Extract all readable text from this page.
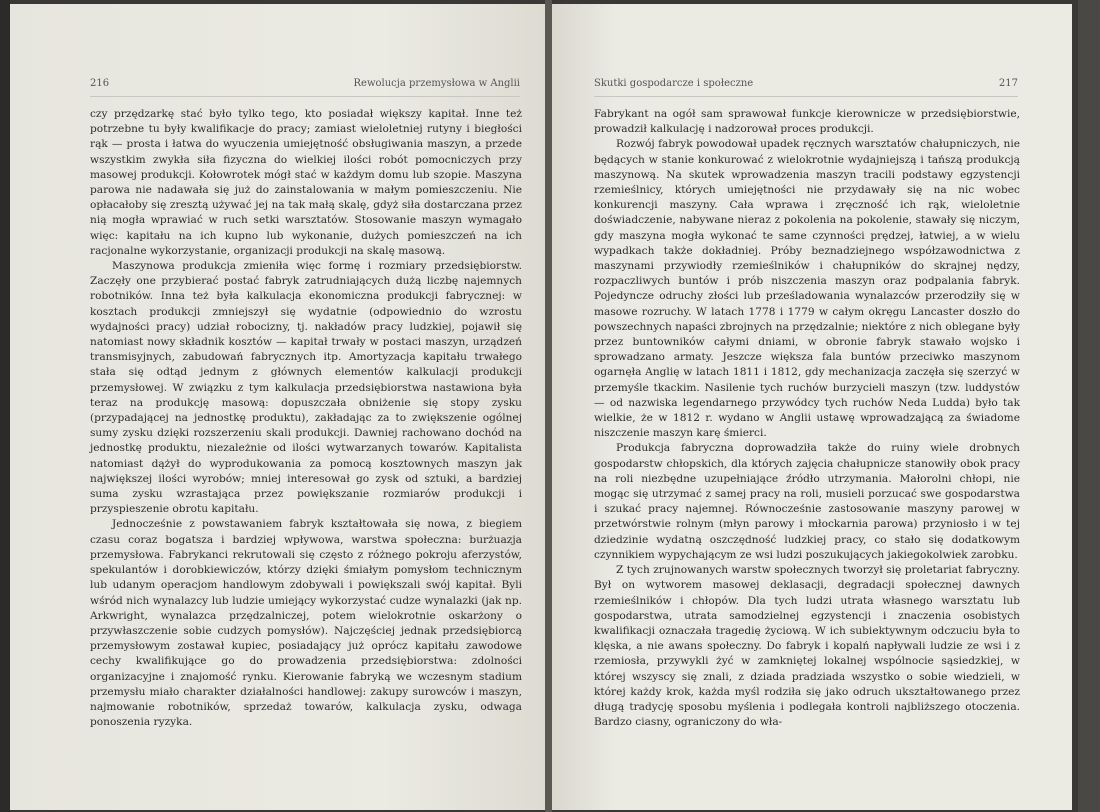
216	Rewolucja przemysłowa w Anglii

czy przędzarkę stać było tylko tego, kto posiadał większy kapitał. Inne też potrzebne tu były kwalifikacje do pracy; zamiast wieloletniej rutyny i biegłości rąk — prosta i łatwa do wyuczenia umiejętność obsługiwania maszyn, a przede wszystkim zwykła siła fizyczna do wielkiej ilości robót pomocniczych przy masowej produkcji. Kołowrotek mógł stać w każdym domu lub szopie. Maszyna parowa nie nadawała się już do zainstalowania w małym pomieszczeniu. Nie opłacałoby się zresztą używać jej na tak małą skalę, gdyż siła dostarczana przez nią mogła wprawiać w ruch setki warsztatów. Stosowanie maszyn wymagało więc: kapitału na ich kupno lub wykonanie, dużych pomieszczeń na ich racjonalne wykorzystanie, organizacji produkcji na skalę masową.

Maszynowa produkcja zmieniła więc formę i rozmiary przedsiębiorstw. Zaczęły one przybierać postać fabryk zatrudniających dużą liczbę najemnych robotników. Inna też była kalkulacja ekonomiczna produkcji fabrycznej: w kosztach produkcji zmniejszył się wydatnie (odpowiednio do wzrostu wydajności pracy) udział robocizny, tj. nakładów pracy ludzkiej, pojawił się natomiast nowy składnik kosztów — kapitał trwały w postaci maszyn, urządzeń transmisyjnych, zabudowań fabrycznych itp. Amortyzacja kapitału trwałego stała się odtąd jednym z głównych elementów kalkulacji produkcji przemysłowej. W związku z tym kalkulacja przedsiębiorstwa nastawiona była teraz na produkcję masową: dopuszczała obniżenie się stopy zysku (przypadającej na jednostkę produktu), zakładając za to zwiększenie ogólnej sumy zysku dzięki rozszerzeniu skali produkcji. Dawniej rachowano dochód na jednostkę produktu, niezależnie od ilości wytwarzanych towarów. Kapitalista natomiast dążył do wyprodukowania za pomocą kosztownych maszyn jak największej ilości wyrobów; mniej interesował go zysk od sztuki, a bardziej suma zysku wzrastająca przez powiększanie rozmiarów produkcji i przyspieszenie obrotu kapitału.

Jednocześnie z powstawaniem fabryk kształtowała się nowa, z biegiem czasu coraz bogatsza i bardziej wpływowa, warstwa społeczna: burżuazja przemysłowa. Fabrykanci rekrutowali się często z różnego pokroju aferzystów, spekulantów i dorobkiewiczów, którzy dzięki śmiałym pomysłom technicznym lub udanym operacjom handlowym zdobywali i powiększali swój kapitał. Byli wśród nich wynalazcy lub ludzie umiejący wykorzystać cudze wynalazki (jak np. Arkwright, wynalazca przędzalniczej, potem wielokrotnie oskarżony o przywłaszczenie sobie cudzych pomysłów). Najczęściej jednak przedsiębiorcą przemysłowym zostawał kupiec, posiadający już oprócz kapitału zawodowe cechy kwalifikujące go do prowadzenia przedsiębiorstwa: zdolności organizacyjne i znajomość rynku. Kierowanie fabryką we wczesnym stadium przemysłu miało charakter działalności handlowej: zakupy surowców i maszyn, najmowanie robotników, sprzedaż towarów, kalkulacja zysku, odwaga ponoszenia ryzyka.

Skutki gospodarcze i społeczne	217

Fabrykant na ogół sam sprawował funkcje kierownicze w przedsiębiorstwie, prowadził kalkulację i nadzorował proces produkcji.

Rozwój fabryk powodował upadek ręcznych warsztatów chałupniczych, nie będących w stanie konkurować z wielokrotnie wydajniejszą i tańszą produkcją maszynową. Na skutek wprowadzenia maszyn tracili podstawy egzystencji rzemieślnicy, których umiejętności nie przydawały się na nic wobec konkurencji maszyny. Cała wprawa i zręczność ich rąk, wieloletnie doświadczenie, nabywane nieraz z pokolenia na pokolenie, stawały się niczym, gdy maszyna mogła wykonać te same czynności prędzej, łatwiej, a w wielu wypadkach także dokładniej. Próby beznadziejnego współzawodnictwa z maszynami przywiodły rzemieślników i chałupników do skrajnej nędzy, rozpaczliwych buntów i prób niszczenia maszyn oraz podpalania fabryk. Pojedyncze odruchy złości lub prześladowania wynalazców przerodziły się w masowe rozruchy. W latach 1778 i 1779 w całym okręgu Lancaster doszło do powszechnych napaści zbrojnych na przędzalnie; niektóre z nich oblegane były przez buntowników całymi dniami, w obronie fabryk stawało wojsko i sprowadzano armaty. Jeszcze większa fala buntów przeciwko maszynom ogarnęła Anglię w latach 1811 i 1812, gdy mechanizacja zaczęła się szerzyć w przemyśle tkackim. Nasilenie tych ruchów burzycieli maszyn (tzw. luddystów — od nazwiska legendarnego przywódcy tych ruchów Neda Ludda) było tak wielkie, że w 1812 r. wydano w Anglii ustawę wprowadzającą za świadome niszczenie maszyn karę śmierci.

Produkcja fabryczna doprowadziła także do ruiny wiele drobnych gospodarstw chłopskich, dla których zajęcia chałupnicze stanowiły obok pracy na roli niezbędne uzupełniające źródło utrzymania. Małorolni chłopi, nie mogąc się utrzymać z samej pracy na roli, musieli porzucać swe gospodarstwa i szukać pracy najemnej. Równocześnie zastosowanie maszyny parowej w przetwórstwie rolnym (młyn parowy i młockarnia parowa) przyniosło i w tej dziedzinie wydatną oszczędność ludzkiej pracy, co stało się dodatkowym czynnikiem wypychającym ze wsi ludzi poszukujących jakiegokolwiek zarobku.

Z tych zrujnowanych warstw społecznych tworzył się proletariat fabryczny. Był on wytworem masowej deklasacji, degradacji społecznej dawnych rzemieślników i chłopów. Dla tych ludzi utrata własnego warsztatu lub gospodarstwa, utrata samodzielnej egzystencji i znaczenia osobistych kwalifikacji oznaczała tragedię życiową. W ich subiektywnym odczuciu była to klęska, a nie awans społeczny. Do fabryk i kopalń napływali ludzie ze wsi i z rzemiosła, przywykli żyć w zamkniętej lokalnej wspólnocie sąsiedzkiej, w której wszyscy się znali, z dziada pradziada wszystko o sobie wiedzieli, w której każdy krok, każda myśl rodziła się jako odruch ukształtowanego przez długą tradycję sposobu myślenia i podlegała kontroli najbliższego otoczenia. Bardzo ciasny, ograniczony do wła-
